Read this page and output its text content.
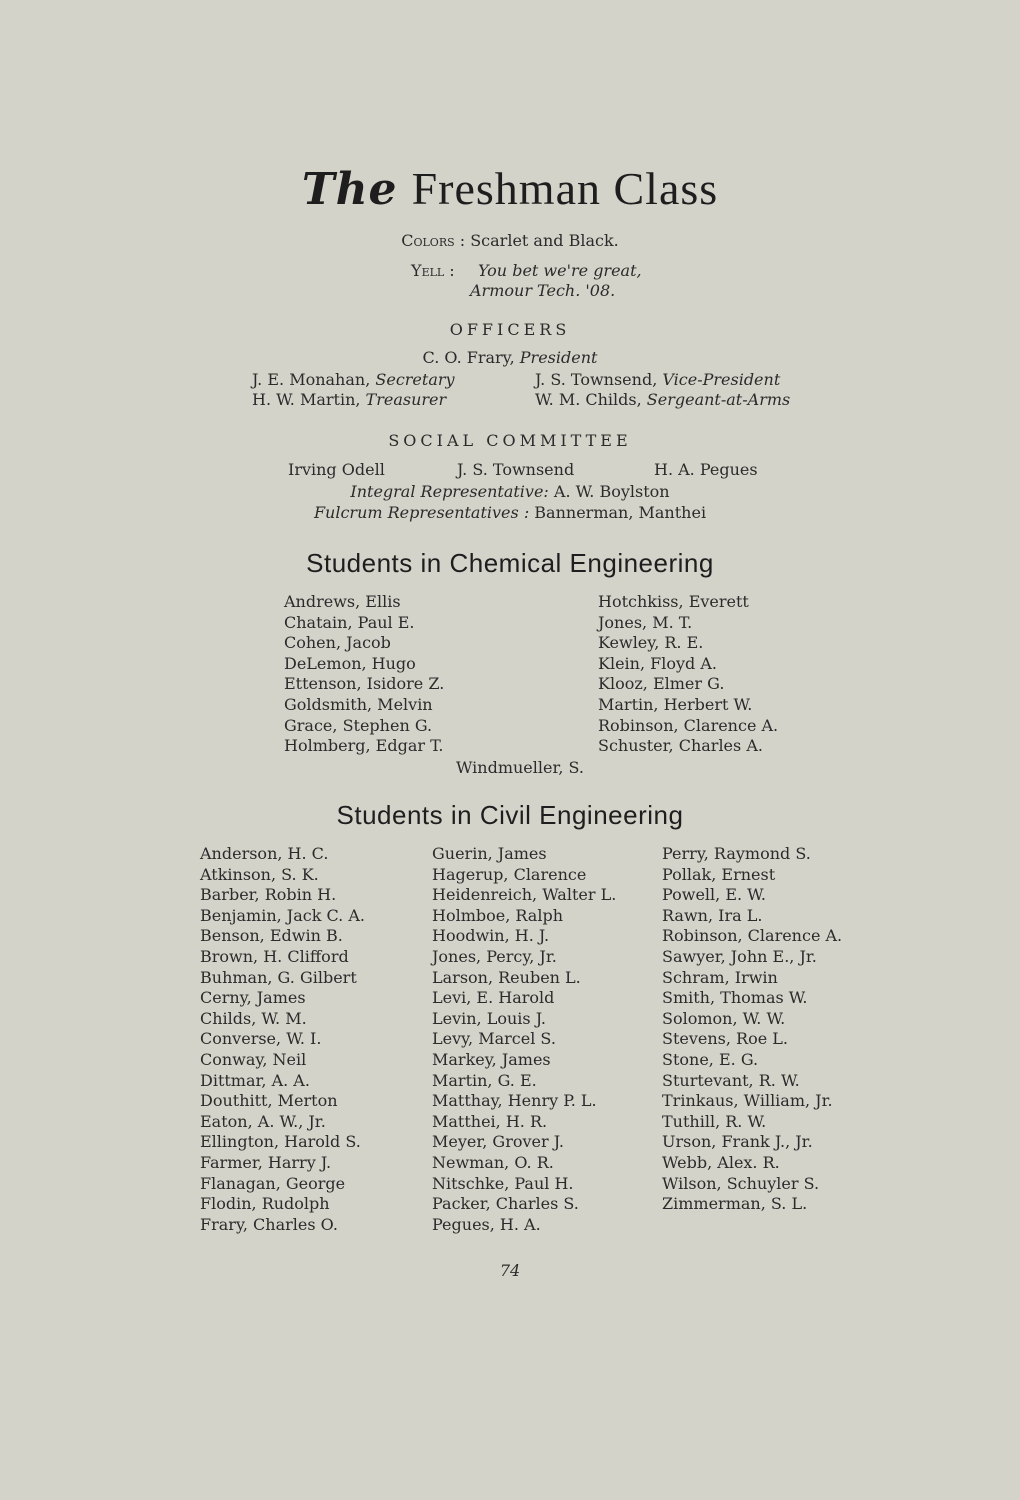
The Freshman Class
Colors : Scarlet and Black.
Yell : You bet we're great,
Armour Tech. '08.
OFFICERS
C. O. Frary, President
J. E. Monahan, Secretary	J. S. Townsend, Vice-President
H. W. Martin, Treasurer	W. M. Childs, Sergeant-at-Arms
SOCIAL COMMITTEE
Irving Odell	J. S. Townsend	H. A. Pegues
Integral Representative: A. W. Boylston
Fulcrum Representatives : Bannerman, Manthei
Students in Chemical Engineering
Andrews, Ellis
Chatain, Paul E.
Cohen, Jacob
DeLemon, Hugo
Ettenson, Isidore Z.
Goldsmith, Melvin
Grace, Stephen G.
Holmberg, Edgar T.
Hotchkiss, Everett
Jones, M. T.
Kewley, R. E.
Klein, Floyd A.
Klooz, Elmer G.
Martin, Herbert W.
Robinson, Clarence A.
Schuster, Charles A.
Windmueller, S.
Students in Civil Engineering
Anderson, H. C.
Atkinson, S. K.
Barber, Robin H.
Benjamin, Jack C. A.
Benson, Edwin B.
Brown, H. Clifford
Buhman, G. Gilbert
Cerny, James
Childs, W. M.
Converse, W. I.
Conway, Neil
Dittmar, A. A.
Douthitt, Merton
Eaton, A. W., Jr.
Ellington, Harold S.
Farmer, Harry J.
Flanagan, George
Flodin, Rudolph
Frary, Charles O.
Guerin, James
Hagerup, Clarence
Heidenreich, Walter L.
Holmboe, Ralph
Hoodwin, H. J.
Jones, Percy, Jr.
Larson, Reuben L.
Levi, E. Harold
Levin, Louis J.
Levy, Marcel S.
Markey, James
Martin, G. E.
Matthay, Henry P. L.
Matthei, H. R.
Meyer, Grover J.
Newman, O. R.
Nitschke, Paul H.
Packer, Charles S.
Pegues, H. A.
Perry, Raymond S.
Pollak, Ernest
Powell, E. W.
Rawn, Ira L.
Robinson, Clarence A.
Sawyer, John E., Jr.
Schram, Irwin
Smith, Thomas W.
Solomon, W. W.
Stevens, Roe L.
Stone, E. G.
Sturtevant, R. W.
Trinkaus, William, Jr.
Tuthill, R. W.
Urson, Frank J., Jr.
Webb, Alex. R.
Wilson, Schuyler S.
Zimmerman, S. L.
74
